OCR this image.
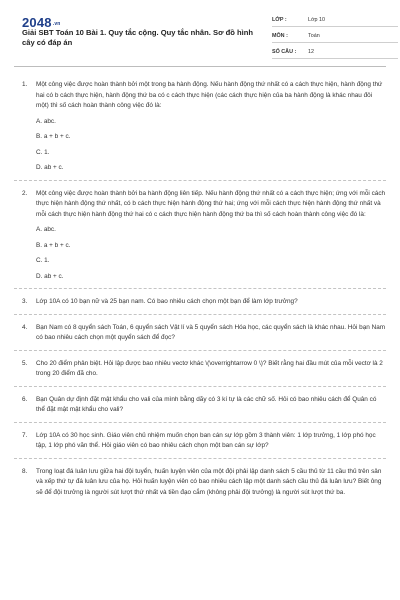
2048.vn
Giải SBT Toán 10 Bài 1. Quy tắc cộng. Quy tắc nhân. Sơ đồ hình cây có đáp án
LỚP :	Lớp 10
MÔN :	Toán
SỐ CÂU :	12
1. Một công việc được hoàn thành bởi một trong ba hành động. Nếu hành động thứ nhất có a cách thực hiện, hành động thứ hai có b cách thực hiện, hành động thứ ba có c cách thực hiện (các cách thực hiện của ba hành động là khác nhau đôi một) thì số cách hoàn thành công việc đó là:

A. abc.

B. a + b + c.

C. 1.

D. ab + c.

2. Một công việc được hoàn thành bởi ba hành động liên tiếp. Nếu hành động thứ nhất có a cách thực hiện; ứng với mỗi cách thực hiện hành động thứ nhất, có b cách thực hiện hành động thứ hai; ứng với mỗi cách thực hiện hành động thứ nhất và mỗi cách thực hiện hành động thứ hai có c cách thực hiện hành động thứ ba thì số cách hoàn thành công việc đó là:

A. abc.

B. a + b + c.

C. 1.

D. ab + c.

3. Lớp 10A có 10 bạn nữ và 25 bạn nam. Có bao nhiêu cách chọn một bạn để làm lớp trưởng?

4. Bạn Nam có 8 quyển sách Toán, 6 quyển sách Vật lí và 5 quyển sách Hóa học, các quyển sách là khác nhau. Hỏi bạn Nam có bao nhiêu cách chọn một quyển sách để đọc?

5. Cho 20 điểm phân biệt. Hỏi lập được bao nhiêu vectơ khác \(\overrightarrow 0 \)? Biết rằng hai đầu mút của mỗi vectơ là 2 trong 20 điểm đã cho.

6. Bạn Quân dự định đặt mật khẩu cho vali của mình bằng dãy có 3 kí tự là các chữ số. Hỏi có bao nhiêu cách để Quân có thể đặt mật mật khẩu cho vali?

7. Lớp 10A có 30 học sinh. Giáo viên chủ nhiệm muốn chọn ban cán sự lớp gồm 3 thành viên: 1 lớp trưởng, 1 lớp phó học tập, 1 lớp phó văn thể. Hỏi giáo viên có bao nhiêu cách chọn một ban cán sự lớp?

8. Trong loạt đá luân lưu giữa hai đội tuyển, huấn luyện viên của một đội phải lập danh sách 5 cầu thủ từ 11 cầu thủ trên sân và xếp thứ tự đá luân lưu của họ. Hỏi huấn luyện viên có bao nhiêu cách lập một danh sách cầu thủ đá luân lưu? Biết ông sẽ để đội trưởng là người sút lượt thứ nhất và tiền đạo cắm (không phải đội trưởng) là người sút lượt thứ ba.
